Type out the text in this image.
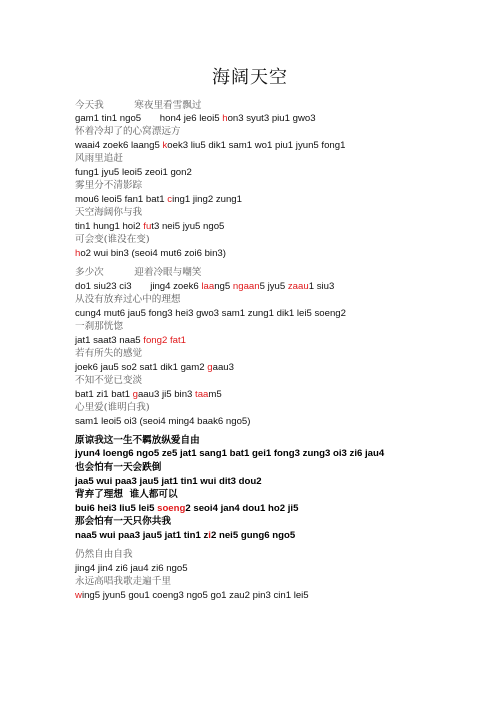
海阔天空
今天我          寒夜里看雪飘过
gam1 tin1 ngo5       hon4 je6 leoi5 hon3 syut3 piu1 gwo3
怀着冷却了的心窝漂远方
waai4 zoek6 laang5 koek3 liu5 dik1 sam1 wo1 piu1 jyun5 fong1
风雨里追赶
fung1 jyu5 leoi5 zeoi1 gon2
雾里分不清影踪
mou6 leoi5 fan1 bat1 cing1 jing2 zung1
天空海阔你与我
tin1 hung1 hoi2 fut3 nei5 jyu5 ngo5
可会变(谁没在变)
ho2 wui bin3 (seoi4 mut6 zoi6 bin3)
多少次          迎着冷眼与嘲笑
do1 siu23 ci3       jing4 zoek6 laang5 ngaan5 jyu5 zaau1 siu3
从没有放弃过心中的理想
cung4 mut6 jau5 fong3 hei3 gwo3 sam1 zung1 dik1 lei5 soeng2
一刹那恍惚
jat1 saat3 naa5 fong2 fat1
若有所失的感觉
joek6 jau5 so2 sat1 dik1 gam2 gaau3
不知不觉已变淡
bat1 zi1 bat1 gaau3 ji5 bin3 taam5
心里爱(谁明白我)
sam1 leoi5 oi3 (seoi4 ming4 baak6 ngo5)
原谅我这一生不羁放纵爱自由
jyun4 loeng6 ngo5 ze5 jat1 sang1 bat1 gei1 fong3 zung3 oi3 zi6 jau4
也会怕有一天会跌倒
jaa5 wui paa3 jau5 jat1 tin1 wui dit3 dou2
背弃了理想  谁人都可以
bui6 hei3 liu5 lei5 soeng2 seoi4 jan4 dou1 ho2 ji5
那会怕有一天只你共我
naa5 wui paa3 jau5 jat1 tin1 zi2 nei5 gung6 ngo5
仍然自由自我
jing4 jin4 zi6 jau4 zi6 ngo5
永远高唱我歌走遍千里
wing5 jyun5 gou1 coeng3 ngo5 go1 zau2 pin3 cin1 lei5
